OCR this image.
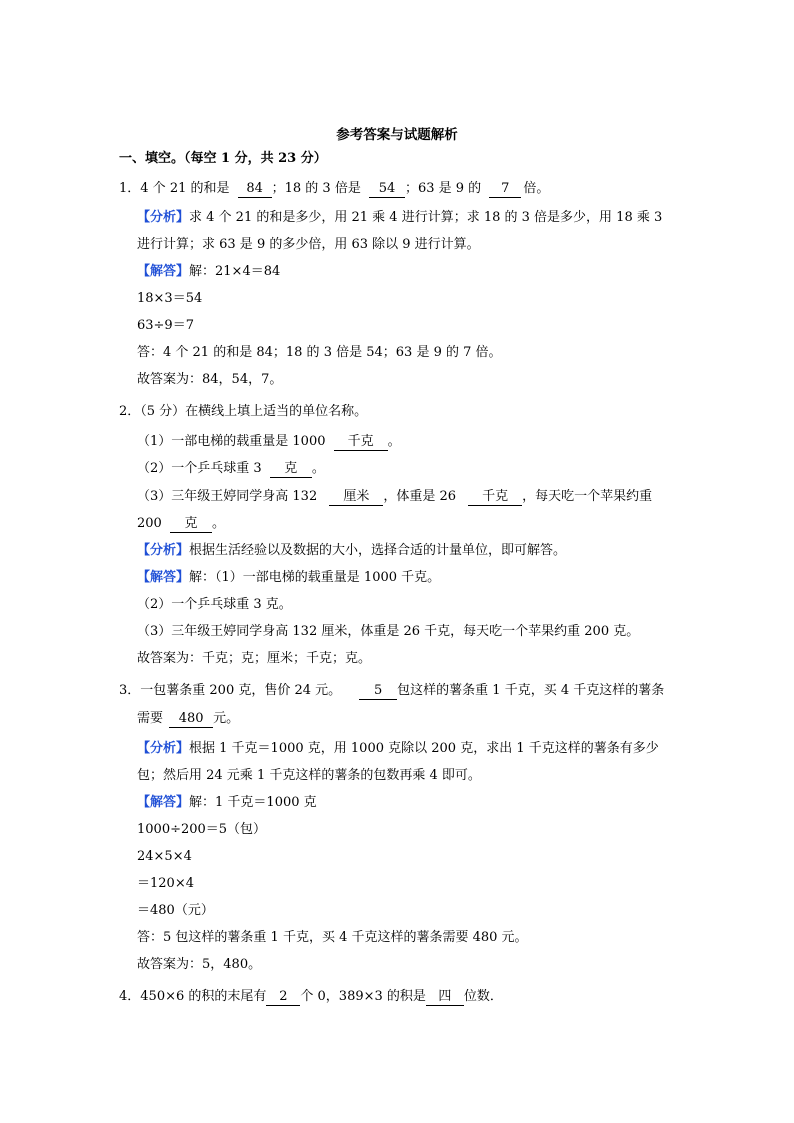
参考答案与试题解析
一、填空。（每空 1 分，共 23 分）
1．4 个 21 的和是 84 ；18 的 3 倍是 54 ；63 是 9 的 7 倍。
【分析】求 4 个 21 的和是多少，用 21 乘 4 进行计算；求 18 的 3 倍是多少，用 18 乘 3
进行计算；求 63 是 9 的多少倍，用 63 除以 9 进行计算。
【解答】解：21×4＝84
18×3＝54
63÷9＝7
答：4 个 21 的和是 84；18 的 3 倍是 54；63 是 9 的 7 倍。
故答案为：84，54，7。
2．（5 分）在横线上填上适当的单位名称。
（1）一部电梯的载重量是 1000 千克 。
（2）一个乒乓球重 3 克 。
（3）三年级王婷同学身高 132 厘米 ，体重是 26 千克 ，每天吃一个苹果约重
200 克 。
【分析】根据生活经验以及数据的大小，选择合适的计量单位，即可解答。
【解答】解：（1）一部电梯的载重量是 1000 千克。
（2）一个乒乓球重 3 克。
（3）三年级王婷同学身高 132 厘米，体重是 26 千克，每天吃一个苹果约重 200 克。
故答案为：千克；克；厘米；千克；克。
3．一包薯条重 200 克，售价 24 元。	5 包这样的薯条重 1 千克，买 4 千克这样的薯条
需要 480 元。
【分析】根据 1 千克＝1000 克，用 1000 克除以 200 克，求出 1 千克这样的薯条有多少
包；然后用 24 元乘 1 千克这样的薯条的包数再乘 4 即可。
【解答】解：1 千克＝1000 克
1000÷200＝5（包）
24×5×4
＝120×4
＝480（元）
答：5 包这样的薯条重 1 千克，买 4 千克这样的薯条需要 480 元。
故答案为：5，480。
4．450×6 的积的末尾有 2 个 0，389×3 的积是 四 位数．
